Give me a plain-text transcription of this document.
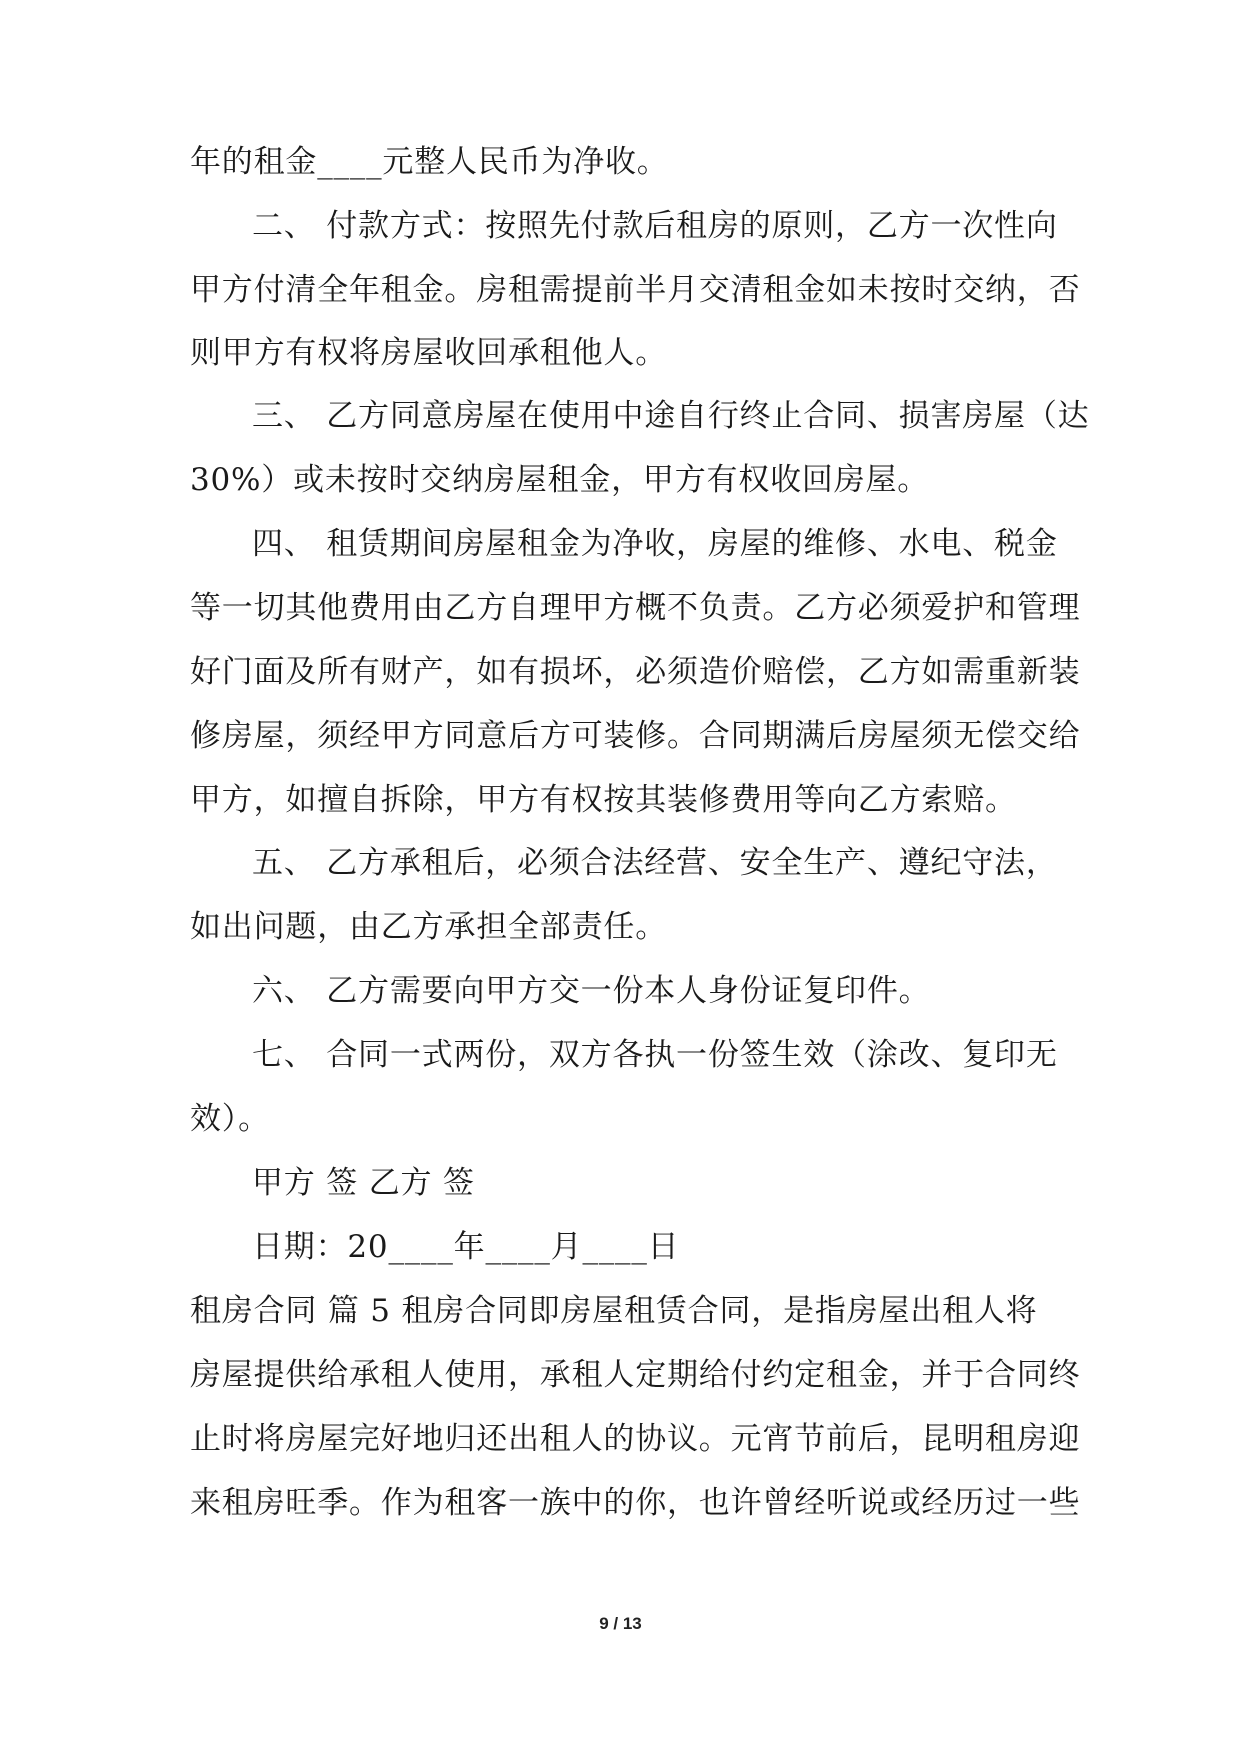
年的租金____元整人民币为净收。
二、 付款方式：按照先付款后租房的原则，乙方一次性向
甲方付清全年租金。房租需提前半月交清租金如未按时交纳，否
则甲方有权将房屋收回承租他人。
三、 乙方同意房屋在使用中途自行终止合同、损害房屋（达
30%）或未按时交纳房屋租金，甲方有权收回房屋。
四、 租赁期间房屋租金为净收，房屋的维修、水电、税金
等一切其他费用由乙方自理甲方概不负责。乙方必须爱护和管理
好门面及所有财产，如有损坏，必须造价赔偿，乙方如需重新装
修房屋，须经甲方同意后方可装修。合同期满后房屋须无偿交给
甲方，如擅自拆除，甲方有权按其装修费用等向乙方索赔。
五、 乙方承租后，必须合法经营、安全生产、遵纪守法，
如出问题，由乙方承担全部责任。
六、 乙方需要向甲方交一份本人身份证复印件。
七、 合同一式两份，双方各执一份签生效（涂改、复印无
效）。
甲方 签 乙方 签
日期：20____年____月____日
租房合同 篇 5 租房合同即房屋租赁合同，是指房屋出租人将
房屋提供给承租人使用，承租人定期给付约定租金，并于合同终
止时将房屋完好地归还出租人的协议。元宵节前后，昆明租房迎
来租房旺季。作为租客一族中的你，也许曾经听说或经历过一些
9 / 13
